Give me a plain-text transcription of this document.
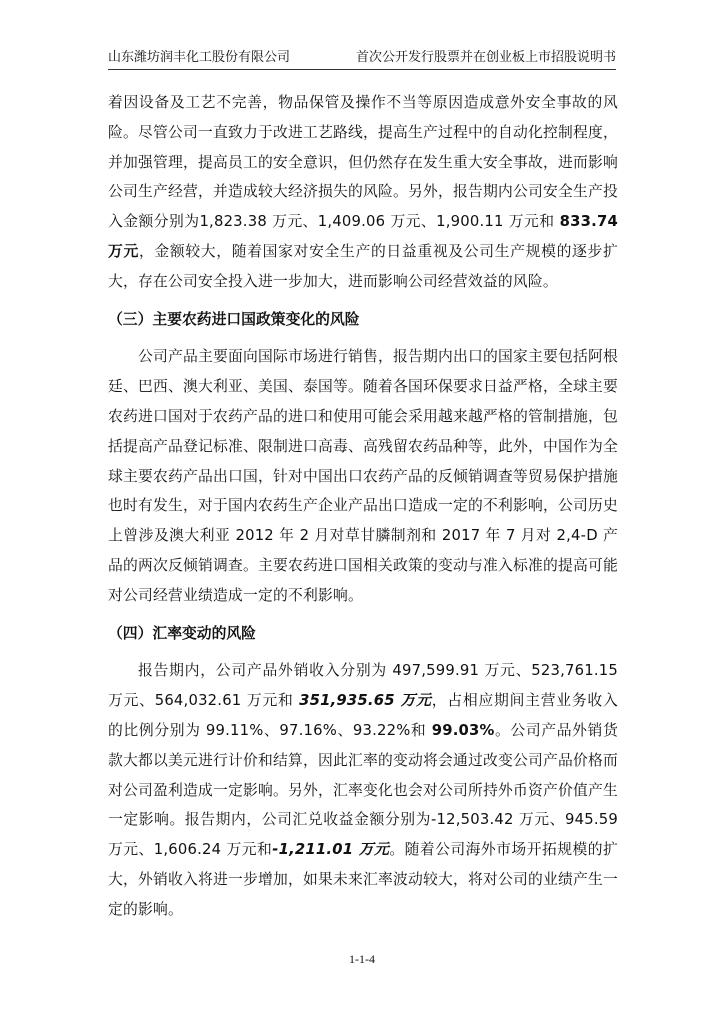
山东潍坊润丰化工股份有限公司	首次公开发行股票并在创业板上市招股说明书

着因设备及工艺不完善，物品保管及操作不当等原因造成意外安全事故的风险。尽管公司一直致力于改进工艺路线，提高生产过程中的自动化控制程度，并加强管理，提高员工的安全意识，但仍然存在发生重大安全事故，进而影响公司生产经营，并造成较大经济损失的风险。另外，报告期内公司安全生产投入金额分别为1,823.38 万元、1,409.06 万元、1,900.11 万元和 833.74 万元，金额较大，随着国家对安全生产的日益重视及公司生产规模的逐步扩大，存在公司安全投入进一步加大，进而影响公司经营效益的风险。

（三）主要农药进口国政策变化的风险

公司产品主要面向国际市场进行销售，报告期内出口的国家主要包括阿根廷、巴西、澳大利亚、美国、泰国等。随着各国环保要求日益严格，全球主要农药进口国对于农药产品的进口和使用可能会采用越来越严格的管制措施，包括提高产品登记标准、限制进口高毒、高残留农药品种等，此外，中国作为全球主要农药产品出口国，针对中国出口农药产品的反倾销调查等贸易保护措施也时有发生，对于国内农药生产企业产品出口造成一定的不利影响，公司历史上曾涉及澳大利亚 2012 年 2 月对草甘膦制剂和 2017 年 7 月对 2,4-D 产品的两次反倾销调查。主要农药进口国相关政策的变动与准入标准的提高可能对公司经营业绩造成一定的不利影响。

（四）汇率变动的风险

报告期内，公司产品外销收入分别为 497,599.91 万元、523,761.15 万元、564,032.61 万元和 351,935.65 万元，占相应期间主营业务收入的比例分别为 99.11%、97.16%、93.22%和 99.03%。公司产品外销货款大都以美元进行计价和结算，因此汇率的变动将会通过改变公司产品价格而对公司盈利造成一定影响。另外，汇率变化也会对公司所持外币资产价值产生一定影响。报告期内，公司汇兑收益金额分别为-12,503.42 万元、945.59 万元、1,606.24 万元和-1,211.01 万元。随着公司海外市场开拓规模的扩大，外销收入将进一步增加，如果未来汇率波动较大，将对公司的业绩产生一定的影响。

1-1-4
